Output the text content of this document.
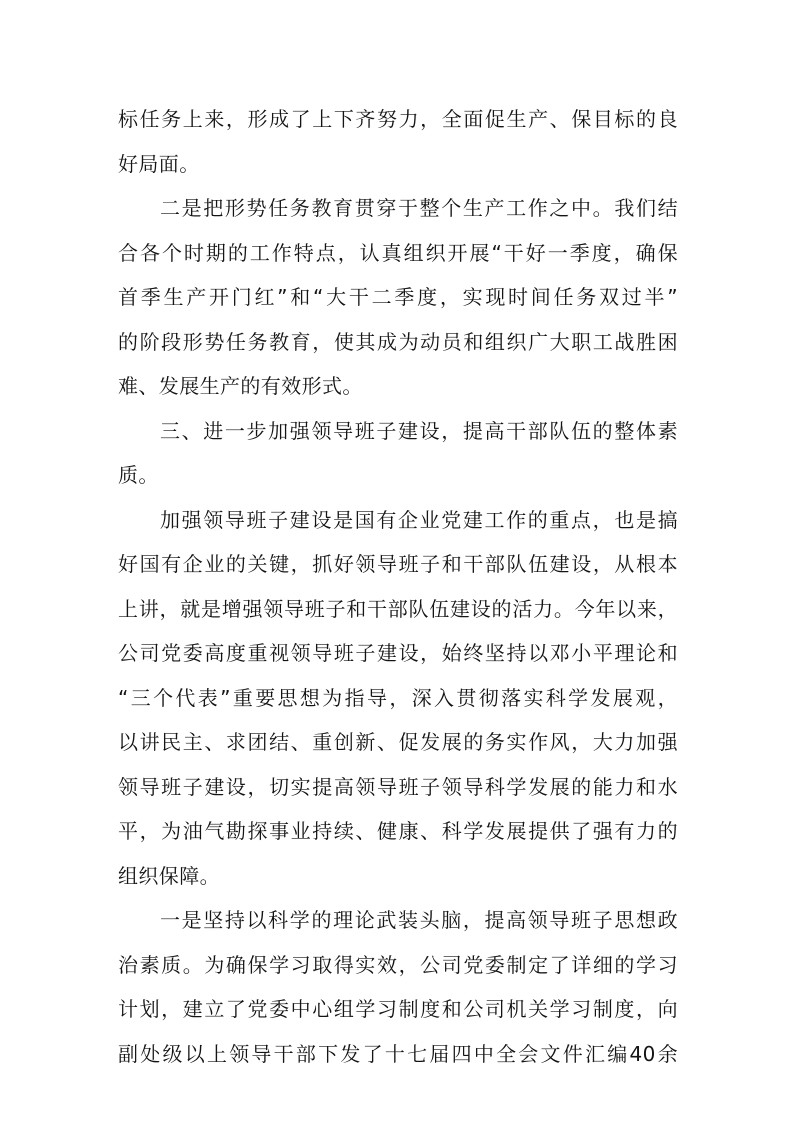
标任务上来，形成了上下齐努力，全面促生产、保目标的良
好局面。
二是把形势任务教育贯穿于整个生产工作之中。我们结
合各个时期的工作特点，认真组织开展“干好一季度，确保
首季生产开门红”和“大干二季度，实现时间任务双过半”
的阶段形势任务教育，使其成为动员和组织广大职工战胜困
难、发展生产的有效形式。
三、进一步加强领导班子建设，提高干部队伍的整体素
质。
加强领导班子建设是国有企业党建工作的重点，也是搞
好国有企业的关键，抓好领导班子和干部队伍建设，从根本
上讲，就是增强领导班子和干部队伍建设的活力。今年以来，
公司党委高度重视领导班子建设，始终坚持以邓小平理论和
“三个代表”重要思想为指导，深入贯彻落实科学发展观，
以讲民主、求团结、重创新、促发展的务实作风，大力加强
领导班子建设，切实提高领导班子领导科学发展的能力和水
平，为油气勘探事业持续、健康、科学发展提供了强有力的
组织保障。
一是坚持以科学的理论武装头脑，提高领导班子思想政
治素质。为确保学习取得实效，公司党委制定了详细的学习
计划，建立了党委中心组学习制度和公司机关学习制度，向
副处级以上领导干部下发了十七届四中全会文件汇编40余
